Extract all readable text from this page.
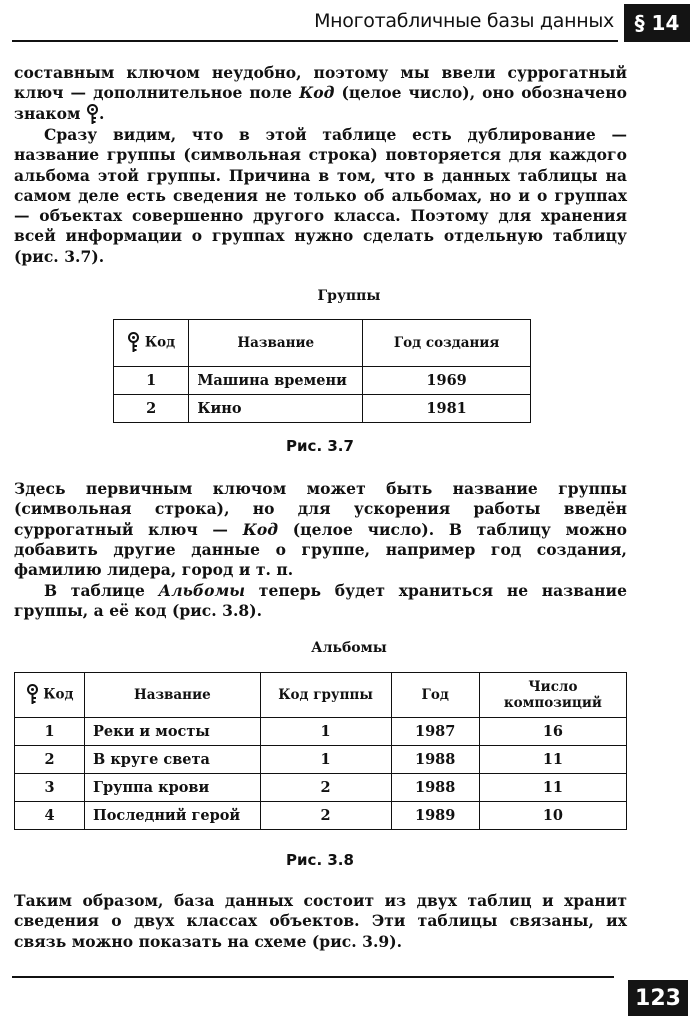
Многотабличные базы данных	§ 14
составным ключом неудобно, поэтому мы ввели суррогатный ключ — дополнительное поле Код (целое число), оно обозначено знаком .
Сразу видим, что в этой таблице есть дублирование — название группы (символьная строка) повторяется для каждого альбома этой группы. Причина в том, что в данных таблицы на самом деле есть сведения не только об альбомах, но и о группах — объектах совершенно другого класса. Поэтому для хранения всей информации о группах нужно сделать отдельную таблицу (рис. 3.7).
Группы
Код	Название	Год создания
1	Машина времени	1969
2	Кино	1981
Рис. 3.7
Здесь первичным ключом может быть название группы (символьная строка), но для ускорения работы введён суррогатный ключ — Код (целое число). В таблицу можно добавить другие данные о группе, например год создания, фамилию лидера, город и т. п.
В таблице Альбомы теперь будет храниться не название группы, а её код (рис. 3.8).
Альбомы
Код	Название	Код группы	Год	Число композиций
1	Реки и мосты	1	1987	16
2	В круге света	1	1988	11
3	Группа крови	2	1988	11
4	Последний герой	2	1989	10
Рис. 3.8
Таким образом, база данных состоит из двух таблиц и хранит сведения о двух классах объектов. Эти таблицы связаны, их связь можно показать на схеме (рис. 3.9).
123
